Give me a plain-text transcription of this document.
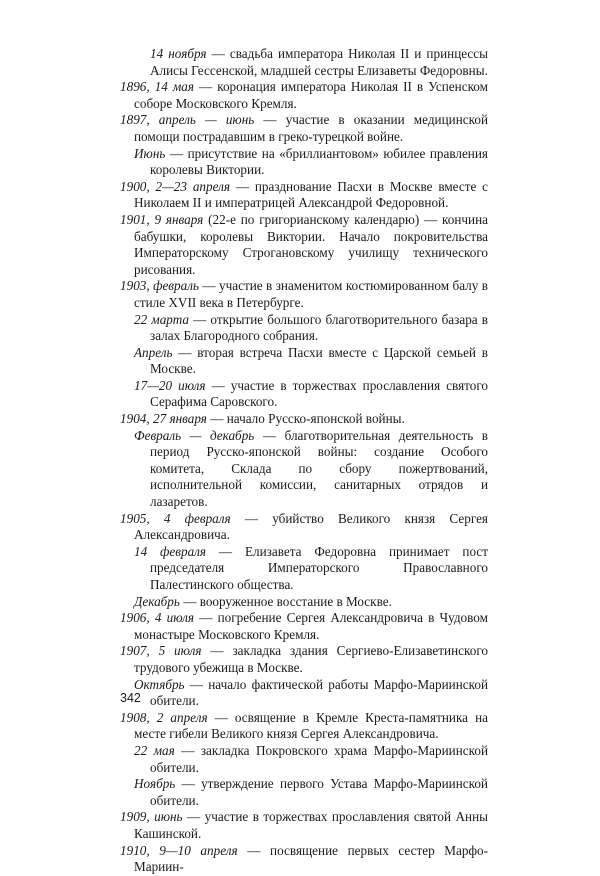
14 ноября — свадьба императора Николая II и принцессы Алисы Гессенской, младшей сестры Елизаветы Федоровны.

1896, 14 мая — коронация императора Николая II в Успенском соборе Московского Кремля.

1897, апрель — июнь — участие в оказании медицинской помощи пострадавшим в греко-турецкой войне.

Июнь — присутствие на «бриллиантовом» юбилее правления королевы Виктории.

1900, 2—23 апреля — празднование Пасхи в Москве вместе с Николаем II и императрицей Александрой Федоровной.

1901, 9 января (22-е по григорианскому календарю) — кончина бабушки, королевы Виктории. Начало покровительства Императорскому Строгановскому училищу технического рисования.

1903, февраль — участие в знаменитом костюмированном балу в стиле XVII века в Петербурге.

22 марта — открытие большого благотворительного базара в залах Благородного собрания.

Апрель — вторая встреча Пасхи вместе с Царской семьей в Москве.

17—20 июля — участие в торжествах прославления святого Серафима Саровского.

1904, 27 января — начало Русско-японской войны.

Февраль — декабрь — благотворительная деятельность в период Русско-японской войны: создание Особого комитета, Склада по сбору пожертвований, исполнительной комиссии, санитарных отрядов и лазаретов.

1905, 4 февраля — убийство Великого князя Сергея Александровича.

14 февраля — Елизавета Федоровна принимает пост председателя Императорского Православного Палестинского общества.

Декабрь — вооруженное восстание в Москве.

1906, 4 июля — погребение Сергея Александровича в Чудовом монастыре Московского Кремля.

1907, 5 июля — закладка здания Сергиево-Елизаветинского трудового убежища в Москве.

Октябрь — начало фактической работы Марфо-Мариинской обители.

1908, 2 апреля — освящение в Кремле Креста-памятника на месте гибели Великого князя Сергея Александровича.

22 мая — закладка Покровского храма Марфо-Мариинской обители.

Ноябрь — утверждение первого Устава Марфо-Мариинской обители.

1909, июнь — участие в торжествах прославления святой Анны Кашинской.

1910, 9—10 апреля — посвящение первых сестер Марфо-Мариин-

342
